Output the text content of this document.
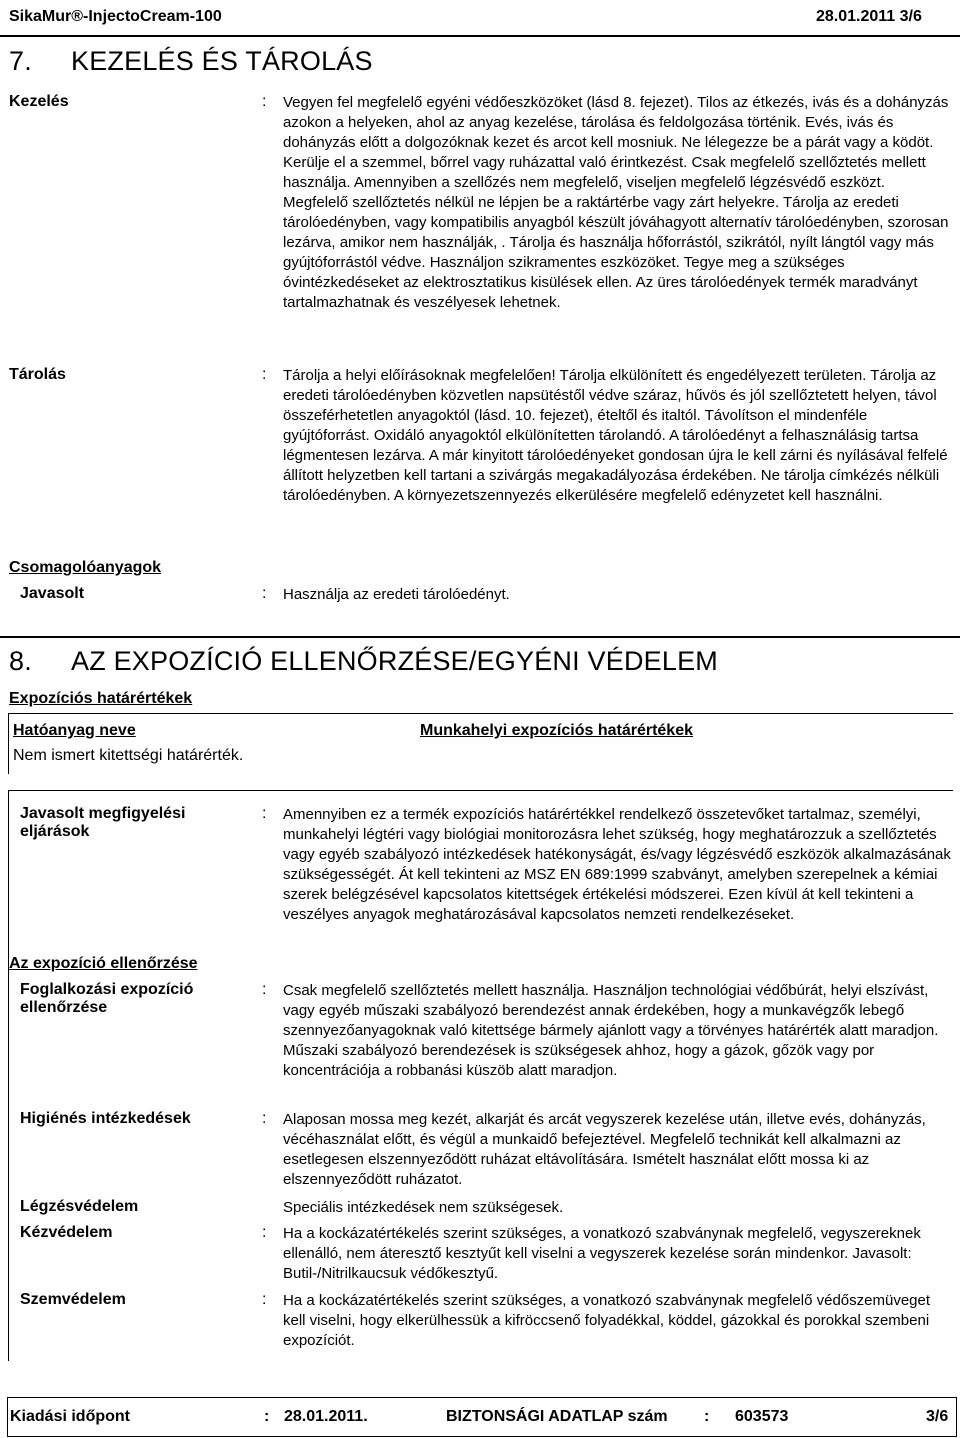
SikaMur®-InjectoCream-100	28.01.2011 3/6
7. KEZELÉS ÉS TÁROLÁS
Kezelés	: Vegyen fel megfelelő egyéni védőeszközöket (lásd 8. fejezet). Tilos az étkezés, ivás és a dohányzás azokon a helyeken, ahol az anyag kezelése, tárolása és feldolgozása történik. Evés, ivás és dohányzás előtt a dolgozóknak kezet és arcot kell mosniuk. Ne lélegezze be a párát vagy a ködöt. Kerülje el a szemmel, bőrrel vagy ruházattal való érintkezést. Csak megfelelő szellőztetés mellett használja. Amennyiben a szellőzés nem megfelelő, viseljen megfelelő légzésvédő eszközt. Megfelelő szellőztetés nélkül ne lépjen be a raktártérbe vagy zárt helyekre. Tárolja az eredeti tárolóedényben, vagy kompatibilis anyagból készült jóváhagyott alternatív tárolóedényben, szorosan lezárva, amikor nem használják, . Tárolja és használja hőforrástól, szikrától, nyílt lángtól vagy más gyújtóforrástól védve. Használjon szikramentes eszközöket. Tegye meg a szükséges óvintézkedéseket az elektrosztatikus kisülések ellen. Az üres tárolóedények termék maradványt tartalmazhatnak és veszélyesek lehetnek.
Tárolás	: Tárolja a helyi előírásoknak megfelelően! Tárolja elkülönített és engedélyezett területen. Tárolja az eredeti tárolóedényben közvetlen napsütéstől védve száraz, hűvös és jól szellőztetett helyen, távol összeférhetetlen anyagoktól (lásd. 10. fejezet), ételtől és italtól. Távolítson el mindenféle gyújtóforrást. Oxidáló anyagoktól elkülönítetten tárolandó. A tárolóedényt a felhasználásig tartsa légmentesen lezárva. A már kinyitott tárolóedényeket gondosan újra le kell zárni és nyílásával felfelé állított helyzetben kell tartani a szivárgás megakadályozása érdekében. Ne tárolja címkézés nélküli tárolóedényben. A környezetszennyezés elkerülésére megfelelő edényzetet kell használni.
Csomagolóanyagok
Javasolt	: Használja az eredeti tárolóedényt.
8. AZ EXPOZÍCIÓ ELLENŐRZÉSE/EGYÉNI VÉDELEM
Expozíciós határértékek
Hatóanyag neve	Munkahelyi expozíciós határértékek
Nem ismert kitettségi határérték.
Javasolt megfigyelési
eljárások
: Amennyiben ez a termék expozíciós határértékkel rendelkező összetevőket tartalmaz, személyi, munkahelyi légtéri vagy biológiai monitorozásra lehet szükség, hogy meghatározzuk a szellőztetés vagy egyéb szabályozó intézkedések hatékonyságát, és/vagy légzésvédő eszközök alkalmazásának szükségességét. Át kell tekinteni az MSZ EN 689:1999 szabványt, amelyben szerepelnek a kémiai szerek belégzésével kapcsolatos kitettségek értékelési módszerei. Ezen kívül át kell tekinteni a veszélyes anyagok meghatározásával kapcsolatos nemzeti rendelkezéseket.
Az expozíció ellenőrzése
Foglalkozási expozíció
ellenőrzése
: Csak megfelelő szellőztetés mellett használja. Használjon technológiai védőbúrát, helyi elszívást, vagy egyéb műszaki szabályozó berendezést annak érdekében, hogy a munkavégzők lebegő szennyezőanyagoknak való kitettsége bármely ajánlott vagy a törvényes határérték alatt maradjon. Műszaki szabályozó berendezések is szükségesek ahhoz, hogy a gázok, gőzök vagy por koncentrációja a robbanási küszöb alatt maradjon.
Higiénés intézkedések	: Alaposan mossa meg kezét, alkarját és arcát vegyszerek kezelése után, illetve evés, dohányzás, vécéhasználat előtt, és végül a munkaidő befejeztével. Megfelelő technikát kell alkalmazni az esetlegesen elszennyeződött ruházat eltávolítására. Ismételt használat előtt mossa ki az elszennyeződött ruházatot.
Légzésvédelem	Speciális intézkedések nem szükségesek.
Kézvédelem	: Ha a kockázatértékelés szerint szükséges, a vonatkozó szabványnak megfelelő, vegyszereknek ellenálló, nem áteresztő kesztyűt kell viselni a vegyszerek kezelése során mindenkor. Javasolt: Butil-/Nitrilkaucsuk védőkesztyű.
Szemvédelem	: Ha a kockázatértékelés szerint szükséges, a vonatkozó szabványnak megfelelő védőszemüveget kell viselni, hogy elkerülhessük a kifröccsenő folyadékkal, köddel, gázokkal és porokkal szembeni expozíciót.
Kiadási időpont	: 28.01.2011.	BIZTONSÁGI ADATLAP szám : 603573	3/6
